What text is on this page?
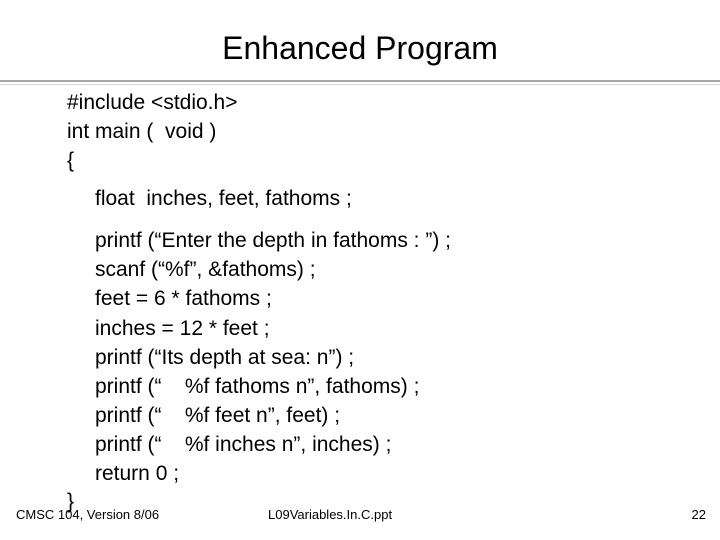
Enhanced Program
#include <stdio.h>
int main (  void )
{
float  inches, feet, fathoms ;
printf (“Enter the depth in fathoms : ”) ;
scanf (“%f”, &fathoms) ;
feet = 6 * fathoms ;
inches = 12 * feet ;
printf (“Its depth at sea: n”) ;
printf (“    %f fathoms n”, fathoms) ;
printf (“    %f feet n”, feet) ;
printf (“    %f inches n”, inches) ;
return 0 ;
}
CMSC 104, Version 8/06	L09Variables.In.C.ppt	22
